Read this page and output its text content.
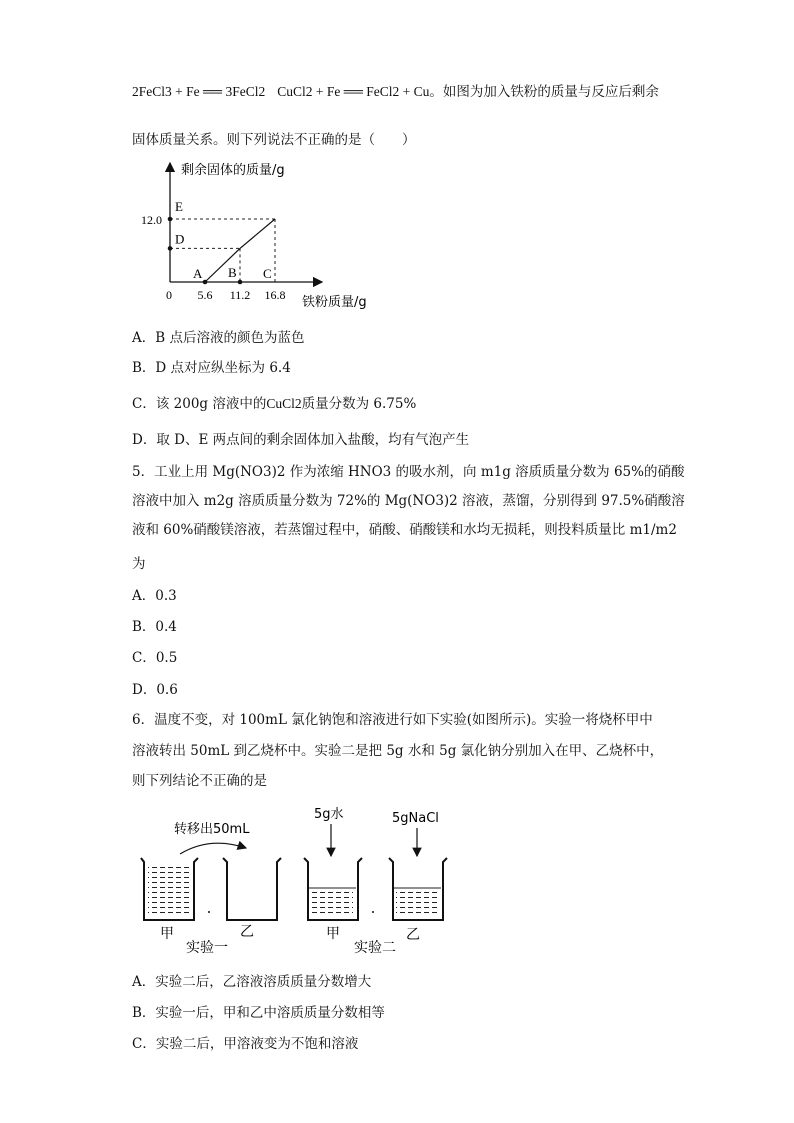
2FeCl3 + Fe ══ 3FeCl2 CuCl2 + Fe ══ FeCl2 + Cu。如图为加入铁粉的质量与反应后剩余
固体质量关系。则下列说法不正确的是（　　）
A B C
D
E
0 5.6 11.2 16.8
12.0
剩余固体的质量/g
铁粉质量/g
A．B 点后溶液的颜色为蓝色
B．D 点对应纵坐标为 6.4
C．该 200g 溶液中的CuCl2质量分数为 6.75%
D．取 D、E 两点间的剩余固体加入盐酸，均有气泡产生
5．工业上用 Mg(NO3)2 作为浓缩 HNO3 的吸水剂，向 m1g 溶质质量分数为 65%的硝酸
溶液中加入 m2g 溶质质量分数为 72%的 Mg(NO3)2 溶液，蒸馏，分别得到 97.5%硝酸溶
液和 60%硝酸镁溶液，若蒸馏过程中，硝酸、硝酸镁和水均无损耗，则投料质量比 m1/m2
为
A．0.3
B．0.4
C．0.5
D．0.6
6．温度不变，对 100mL 氯化钠饱和溶液进行如下实验(如图所示)。实验一将烧杯甲中
溶液转出 50mL 到乙烧杯中。实验二是把 5g 水和 5g 氯化钠分别加入在甲、乙烧杯中，
则下列结论不正确的是
转移出50mL
5g水	5gNaCl
甲	乙	甲	乙
实验一	实验二
A．实验二后，乙溶液溶质质量分数增大
B．实验一后，甲和乙中溶质质量分数相等
C．实验二后，甲溶液变为不饱和溶液
